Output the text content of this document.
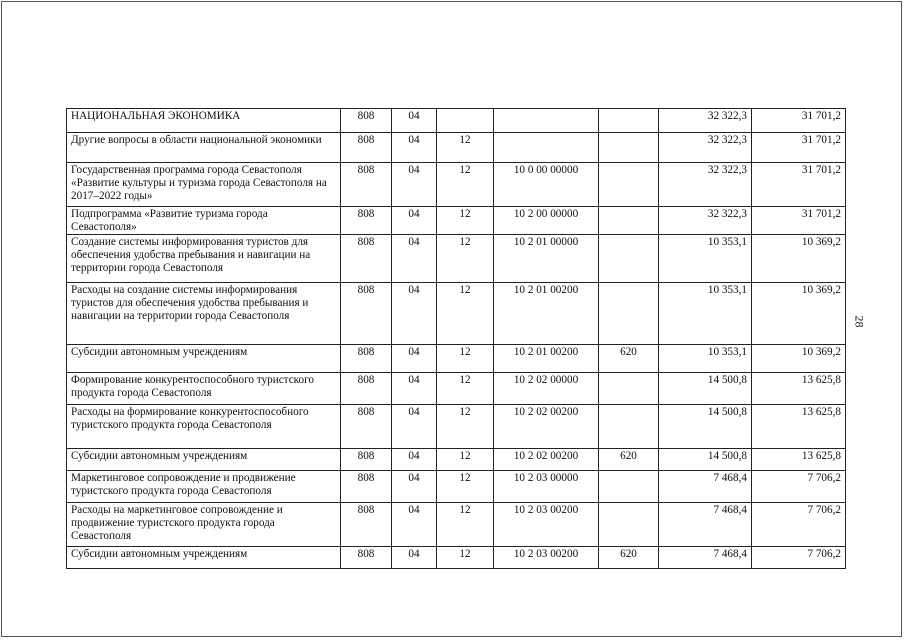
28
НАЦИОНАЛЬНАЯ ЭКОНОМИКА	808	04				32 322,3	31 701,2
Другие вопросы в области национальной экономики	808	04	12			32 322,3	31 701,2
Государственная программа города Севастополя «Развитие культуры и туризма города Севастополя на 2017–2022 годы»	808	04	12	10 0 00 00000		32 322,3	31 701,2
Подпрограмма «Развитие туризма города Севастополя»	808	04	12	10 2 00 00000		32 322,3	31 701,2
Создание системы информирования туристов для обеспечения удобства пребывания и навигации на территории города Севастополя	808	04	12	10 2 01 00000		10 353,1	10 369,2
Расходы на создание системы информирования туристов для обеспечения удобства пребывания и навигации на территории города Севастополя	808	04	12	10 2 01 00200		10 353,1	10 369,2
Субсидии автономным учреждениям	808	04	12	10 2 01 00200	620	10 353,1	10 369,2
Формирование конкурентоспособного туристского продукта города Севастополя	808	04	12	10 2 02 00000		14 500,8	13 625,8
Расходы на формирование конкурентоспособного туристского продукта города Севастополя	808	04	12	10 2 02 00200		14 500,8	13 625,8
Субсидии автономным учреждениям	808	04	12	10 2 02 00200	620	14 500,8	13 625,8
Маркетинговое сопровождение и продвижение туристского продукта города Севастополя	808	04	12	10 2 03 00000		7 468,4	7 706,2
Расходы на маркетинговое сопровождение и продвижение туристского продукта города Севастополя	808	04	12	10 2 03 00200		7 468,4	7 706,2
Субсидии автономным учреждениям	808	04	12	10 2 03 00200	620	7 468,4	7 706,2
